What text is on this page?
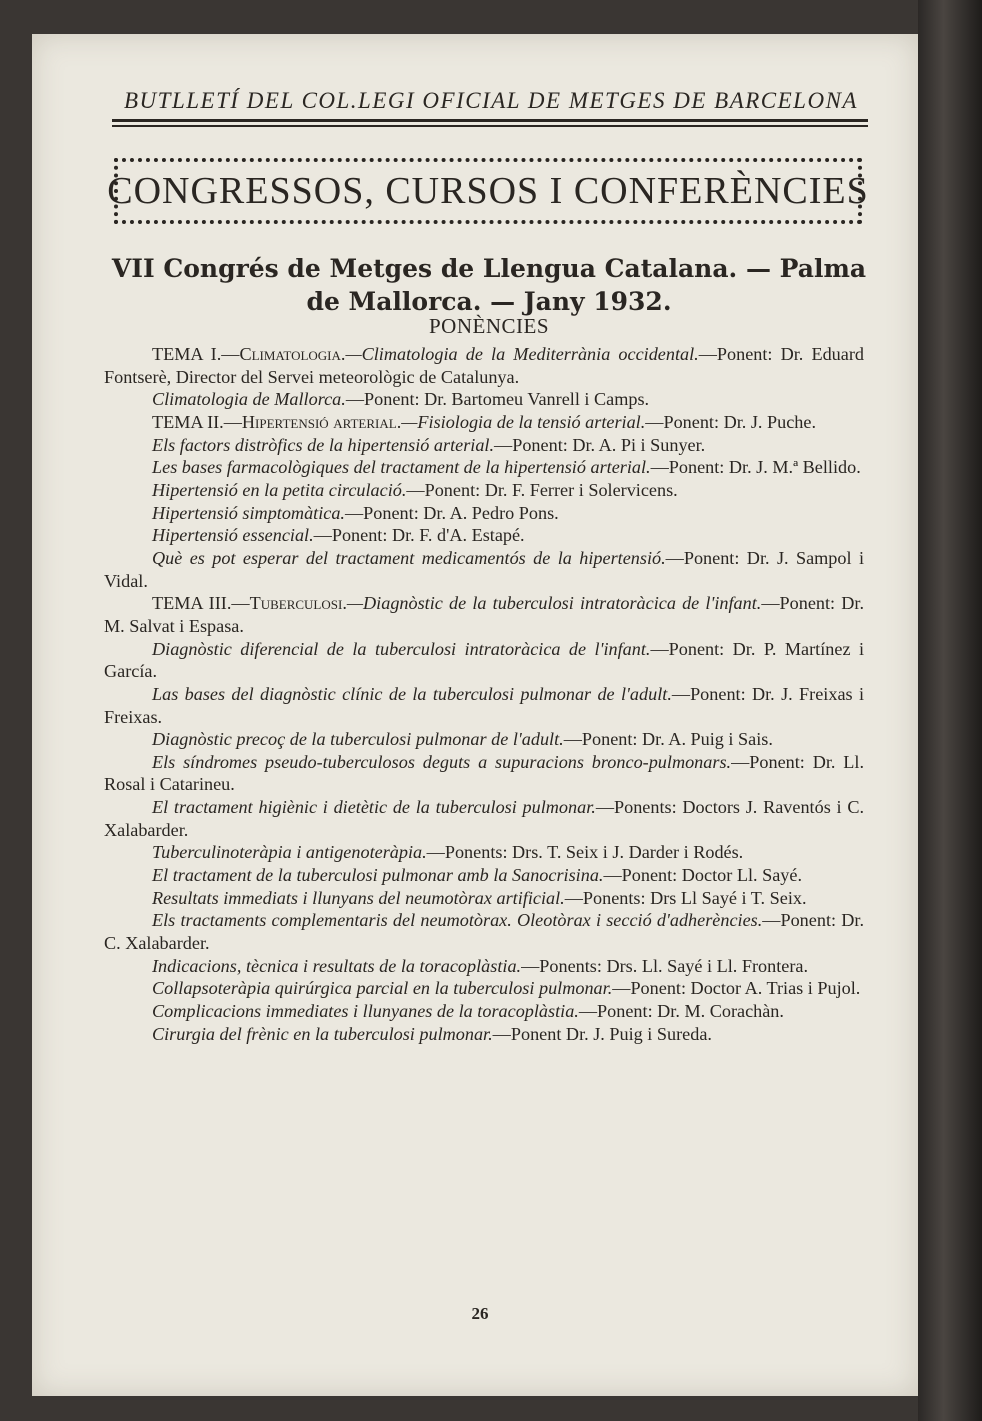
BUTLLETÍ DEL COL.LEGI OFICIAL DE METGES DE BARCELONA
CONGRESSOS, CURSOS I CONFERÈNCIES
VII Congrés de Metges de Llengua Catalana. — Palma de Mallorca. — Jany 1932.
PONÈNCIES

TEMA I.—Climatologia.—Climatologia de la Mediterrània occidental.—Ponent: Dr. Eduard Fontserè, Director del Servei meteorològic de Catalunya.

Climatologia de Mallorca.—Ponent: Dr. Bartomeu Vanrell i Camps.

TEMA II.—Hipertensió arterial.—Fisiologia de la tensió arterial.—Ponent: Dr. J. Puche.

Els factors distròfics de la hipertensió arterial.—Ponent: Dr. A. Pi i Sunyer.

Les bases farmacològiques del tractament de la hipertensió arterial.—Ponent: Dr. J. M.ª Bellido.

Hipertensió en la petita circulació.—Ponent: Dr. F. Ferrer i Solervicens.

Hipertensió simptomàtica.—Ponent: Dr. A. Pedro Pons.

Hipertensió essencial.—Ponent: Dr. F. d'A. Estapé.

Què es pot esperar del tractament medicamentós de la hipertensió.—Ponent: Dr. J. Sampol i Vidal.

TEMA III.—Tuberculosi.—Diagnòstic de la tuberculosi intratoràcica de l'infant.—Ponent: Dr. M. Salvat i Espasa.

Diagnòstic diferencial de la tuberculosi intratoràcica de l'infant.—Ponent: Dr. P. Martínez i García.

Las bases del diagnòstic clínic de la tuberculosi pulmonar de l'adult.—Ponent: Dr. J. Freixas i Freixas.

Diagnòstic precoç de la tuberculosi pulmonar de l'adult.—Ponent: Dr. A. Puig i Sais.

Els síndromes pseudo-tuberculosos deguts a supuracions bronco-pulmonars.—Ponent: Dr. Ll. Rosal i Catarineu.

El tractament higiènic i dietètic de la tuberculosi pulmonar.—Ponents: Doctors J. Raventós i C. Xalabarder.

Tuberculinoteràpia i antigenoteràpia.—Ponents: Drs. T. Seix i J. Darder i Rodés.

El tractament de la tuberculosi pulmonar amb la Sanocrisina.—Ponent: Doctor Ll. Sayé.

Resultats immediats i llunyans del neumotòrax artificial.—Ponents: Drs Ll Sayé i T. Seix.

Els tractaments complementaris del neumotòrax. Oleotòrax i secció d'adherències.—Ponent: Dr. C. Xalabarder.

Indicacions, tècnica i resultats de la toracoplàstia.—Ponents: Drs. Ll. Sayé i Ll. Frontera.

Collapsoteràpia quirúrgica parcial en la tuberculosi pulmonar.—Ponent: Doctor A. Trias i Pujol.

Complicacions immediates i llunyanes de la toracoplàstia.—Ponent: Dr. M. Corachàn.

Cirurgia del frènic en la tuberculosi pulmonar.—Ponent Dr. J. Puig i Sureda.

26
